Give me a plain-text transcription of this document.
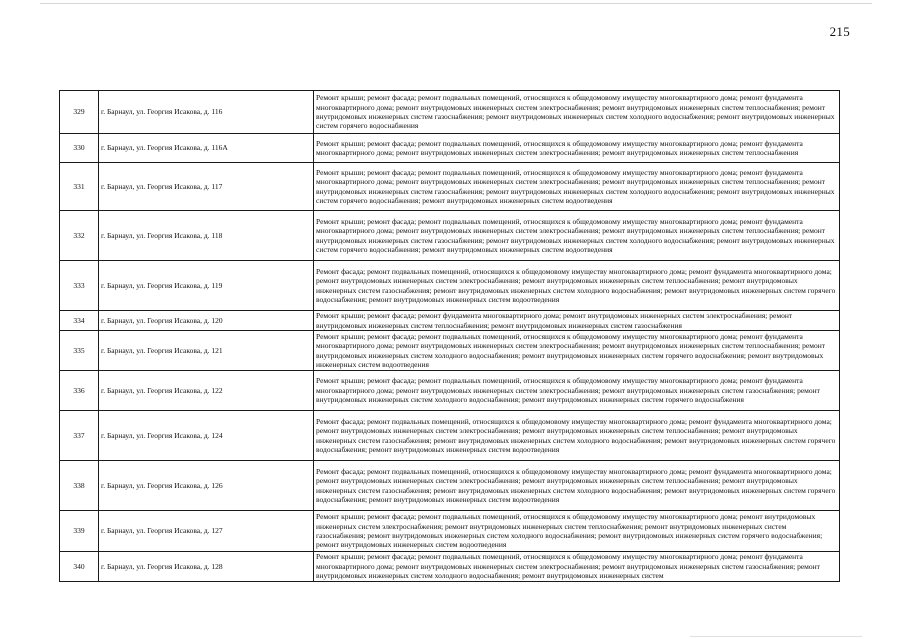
215
329	г. Барнаул, ул. Георгия Исакова, д. 116	Ремонт крыши; ремонт фасада; ремонт подвальных помещений, относящихся к общедомовому имуществу многоквартирного дома; ремонт фундамента многоквартирного дома; ремонт внутридомовых инженерных систем электроснабжения; ремонт внутридомовых инженерных систем теплоснабжения; ремонт внутридомовых инженерных систем газоснабжения; ремонт внутридомовых инженерных систем холодного водоснабжения; ремонт внутридомовых инженерных систем горячего водоснабжения
330	г. Барнаул, ул. Георгия Исакова, д. 116А	Ремонт крыши; ремонт фасада; ремонт подвальных помещений, относящихся к общедомовому имуществу многоквартирного дома; ремонт фундамента многоквартирного дома; ремонт внутридомовых инженерных систем электроснабжения; ремонт внутридомовых инженерных систем теплоснабжения
331	г. Барнаул, ул. Георгия Исакова, д. 117	Ремонт крыши; ремонт фасада; ремонт подвальных помещений, относящихся к общедомовому имуществу многоквартирного дома; ремонт фундамента многоквартирного дома; ремонт внутридомовых инженерных систем электроснабжения; ремонт внутридомовых инженерных систем теплоснабжения; ремонт внутридомовых инженерных систем газоснабжения; ремонт внутридомовых инженерных систем холодного водоснабжения; ремонт внутридомовых инженерных систем горячего водоснабжения; ремонт внутридомовых инженерных систем водоотведения
332	г. Барнаул, ул. Георгия Исакова, д. 118	Ремонт крыши; ремонт фасада; ремонт подвальных помещений, относящихся к общедомовому имуществу многоквартирного дома; ремонт фундамента многоквартирного дома; ремонт внутридомовых инженерных систем электроснабжения; ремонт внутридомовых инженерных систем теплоснабжения; ремонт внутридомовых инженерных систем газоснабжения; ремонт внутридомовых инженерных систем холодного водоснабжения; ремонт внутридомовых инженерных систем горячего водоснабжения; ремонт внутридомовых инженерных систем водоотведения
333	г. Барнаул, ул. Георгия Исакова, д. 119	Ремонт фасада; ремонт подвальных помещений, относящихся к общедомовому имуществу многоквартирного дома; ремонт фундамента многоквартирного дома; ремонт внутридомовых инженерных систем электроснабжения; ремонт внутридомовых инженерных систем теплоснабжения; ремонт внутридомовых инженерных систем газоснабжения; ремонт внутридомовых инженерных систем холодного водоснабжения; ремонт внутридомовых инженерных систем горячего водоснабжения; ремонт внутридомовых инженерных систем водоотведения
334	г. Барнаул, ул. Георгия Исакова, д. 120	Ремонт крыши; ремонт фасада; ремонт фундамента многоквартирного дома; ремонт внутридомовых инженерных систем электроснабжения; ремонт внутридомовых инженерных систем теплоснабжения; ремонт внутридомовых инженерных систем газоснабжения
335	г. Барнаул, ул. Георгия Исакова, д. 121	Ремонт крыши; ремонт фасада; ремонт подвальных помещений, относящихся к общедомовому имуществу многоквартирного дома; ремонт фундамента многоквартирного дома; ремонт внутридомовых инженерных систем электроснабжения; ремонт внутридомовых инженерных систем теплоснабжения; ремонт внутридомовых инженерных систем холодного водоснабжения; ремонт внутридомовых инженерных систем горячего водоснабжения; ремонт внутридомовых инженерных систем водоотведения
336	г. Барнаул, ул. Георгия Исакова, д. 122	Ремонт крыши; ремонт фасада; ремонт подвальных помещений, относящихся к общедомовому имуществу многоквартирного дома; ремонт фундамента многоквартирного дома; ремонт внутридомовых инженерных систем электроснабжения; ремонт внутридомовых инженерных систем газоснабжения; ремонт внутридомовых инженерных систем холодного водоснабжения; ремонт внутридомовых инженерных систем горячего водоснабжения
337	г. Барнаул, ул. Георгия Исакова, д. 124	Ремонт фасада; ремонт подвальных помещений, относящихся к общедомовому имуществу многоквартирного дома; ремонт фундамента многоквартирного дома; ремонт внутридомовых инженерных систем электроснабжения; ремонт внутридомовых инженерных систем теплоснабжения; ремонт внутридомовых инженерных систем газоснабжения; ремонт внутридомовых инженерных систем холодного водоснабжения; ремонт внутридомовых инженерных систем горячего водоснабжения; ремонт внутридомовых инженерных систем водоотведения
338	г. Барнаул, ул. Георгия Исакова, д. 126	Ремонт фасада; ремонт подвальных помещений, относящихся к общедомовому имуществу многоквартирного дома; ремонт фундамента многоквартирного дома; ремонт внутридомовых инженерных систем электроснабжения; ремонт внутридомовых инженерных систем теплоснабжения; ремонт внутридомовых инженерных систем газоснабжения; ремонт внутридомовых инженерных систем холодного водоснабжения; ремонт внутридомовых инженерных систем горячего водоснабжения; ремонт внутридомовых инженерных систем водоотведения
339	г. Барнаул, ул. Георгия Исакова, д. 127	Ремонт крыши; ремонт фасада; ремонт подвальных помещений, относящихся к общедомовому имуществу многоквартирного дома; ремонт внутридомовых инженерных систем электроснабжения; ремонт внутридомовых инженерных систем теплоснабжения; ремонт внутридомовых инженерных систем газоснабжения; ремонт внутридомовых инженерных систем холодного водоснабжения; ремонт внутридомовых инженерных систем горячего водоснабжения; ремонт внутридомовых инженерных систем водоотведения
340	г. Барнаул, ул. Георгия Исакова, д. 128	Ремонт крыши; ремонт фасада; ремонт подвальных помещений, относящихся к общедомовому имуществу многоквартирного дома; ремонт фундамента многоквартирного дома; ремонт внутридомовых инженерных систем электроснабжения; ремонт внутридомовых инженерных систем газоснабжения; ремонт внутридомовых инженерных систем холодного водоснабжения; ремонт внутридомовых инженерных систем
